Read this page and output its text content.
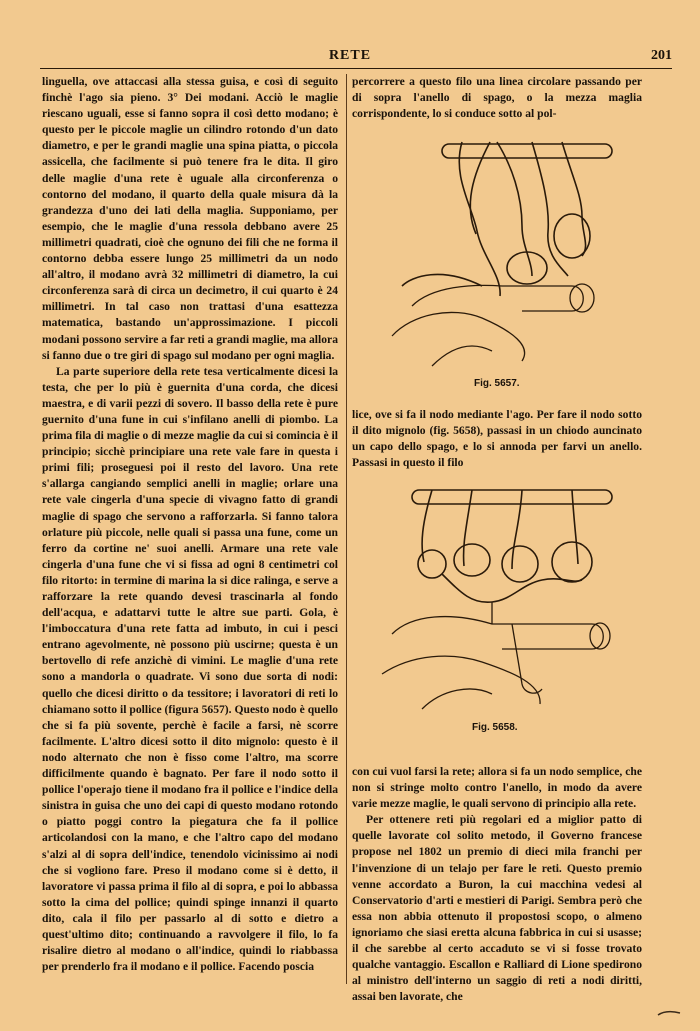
RETE	201

linguella, ove attaccasi alla stessa guisa, e così di seguito finchè l'ago sia pieno. 3° Dei modani. Acciò le maglie riescano uguali, esse si fanno sopra il così detto modano; è questo per le piccole maglie un cilindro rotondo d'un dato diametro, e per le grandi maglie una spina piatta, o piccola assicella, che facilmente si può tenere fra le dita. Il giro delle maglie d'una rete è uguale alla circonferenza o contorno del modano, il quarto della quale misura dà la grandezza d'uno dei lati della maglia. Supponiamo, per esempio, che le maglie d'una ressola debbano avere 25 millimetri quadrati, cioè che ognuno dei fili che ne forma il contorno debba essere lungo 25 millimetri da un nodo all'altro, il modano avrà 32 millimetri di diametro, la cui circonferenza sarà di circa un decimetro, il cui quarto è 24 millimetri. In tal caso non trattasi d'una esattezza matematica, bastando un'approssimazione. I piccoli modani possono servire a far reti a grandi maglie, ma allora si fanno due o tre giri di spago sul modano per ogni maglia.

La parte superiore della rete tesa verticalmente dicesi la testa, che per lo più è guernita d'una corda, che dicesi maestra, e di varii pezzi di sovero. Il basso della rete è pure guernito d'una fune in cui s'infilano anelli di piombo. La prima fila di maglie o di mezze maglie da cui si comincia è il principio; sicchè principiare una rete vale fare in questa i primi fili; proseguesi poi il resto del lavoro. Una rete s'allarga cangiando semplici anelli in maglie; orlare una rete vale cingerla d'una specie di vivagno fatto di grandi maglie di spago che servono a rafforzarla. Si fanno talora orlature più piccole, nelle quali si passa una fune, come un ferro da cortine ne' suoi anelli. Armare una rete vale cingerla d'una fune che vi si fissa ad ogni 8 centimetri col filo ritorto: in termine di marina la si dice ralinga, e serve a rafforzare la rete quando devesi trascinarla al fondo dell'acqua, e adattarvi tutte le altre sue parti. Gola, è l'imboccatura d'una rete fatta ad imbuto, in cui i pesci entrano agevolmente, nè possono più uscirne; questa è un bertovello di refe anzichè di vimini. Le maglie d'una rete sono a mandorla o quadrate. Vi sono due sorta di nodi: quello che dicesi diritto o da tessitore; i lavoratori di reti lo chiamano sotto il pollice (figura 5657). Questo nodo è quello che si fa più sovente, perchè è facile a farsi, nè scorre facilmente. L'altro dicesi sotto il dito mignolo: questo è il nodo alternato che non è fisso come l'altro, ma scorre difficilmente quando è bagnato. Per fare il nodo sotto il pollice l'operajo tiene il modano fra il pollice e l'indice della sinistra in guisa che uno dei capi di questo modano rotondo o piatto poggi contro la piegatura che fa il pollice articolandosi con la mano, e che l'altro capo del modano s'alzi al di sopra dell'indice, tenendolo vicinissimo ai nodi che si vogliono fare. Preso il modano come si è detto, il lavoratore vi passa prima il filo al di sopra, e poi lo abbassa sotto la cima del pollice; quindi spinge innanzi il quarto dito, cala il filo per passarlo al di sotto e dietro a quest'ultimo dito; continuando a ravvolgere il filo, lo fa risalire dietro al modano o all'indice, quindi lo riabbassa per prenderlo fra il modano e il pollice. Facendo poscia

percorrere a questo filo una linea circolare passando per di sopra l'anello di spago, o la mezza maglia corrispondente, lo si conduce sotto al pol-

Fig. 5657.

lice, ove si fa il nodo mediante l'ago. Per fare il nodo sotto il dito mignolo (fig. 5658), passasi in un chiodo auncinato un capo dello spago, e lo si annoda per farvi un anello. Passasi in questo il filo

Fig. 5658.

con cui vuol farsi la rete; allora si fa un nodo semplice, che non si stringe molto contro l'anello, in modo da avere varie mezze maglie, le quali servono di principio alla rete.

Per ottenere reti più regolari ed a miglior patto di quelle lavorate col solito metodo, il Governo francese propose nel 1802 un premio di dieci mila franchi per l'invenzione di un telajo per fare le reti. Questo premio venne accordato a Buron, la cui macchina vedesi al Conservatorio d'arti e mestieri di Parigi. Sembra però che essa non abbia ottenuto il propostosi scopo, o almeno ignoriamo che siasi eretta alcuna fabbrica in cui si usasse; il che sarebbe al certo accaduto se vi si fosse trovato qualche vantaggio. Escallon e Ralliard di Lione spedirono al ministro dell'interno un saggio di reti a nodi diritti, assai ben lavorate, che
